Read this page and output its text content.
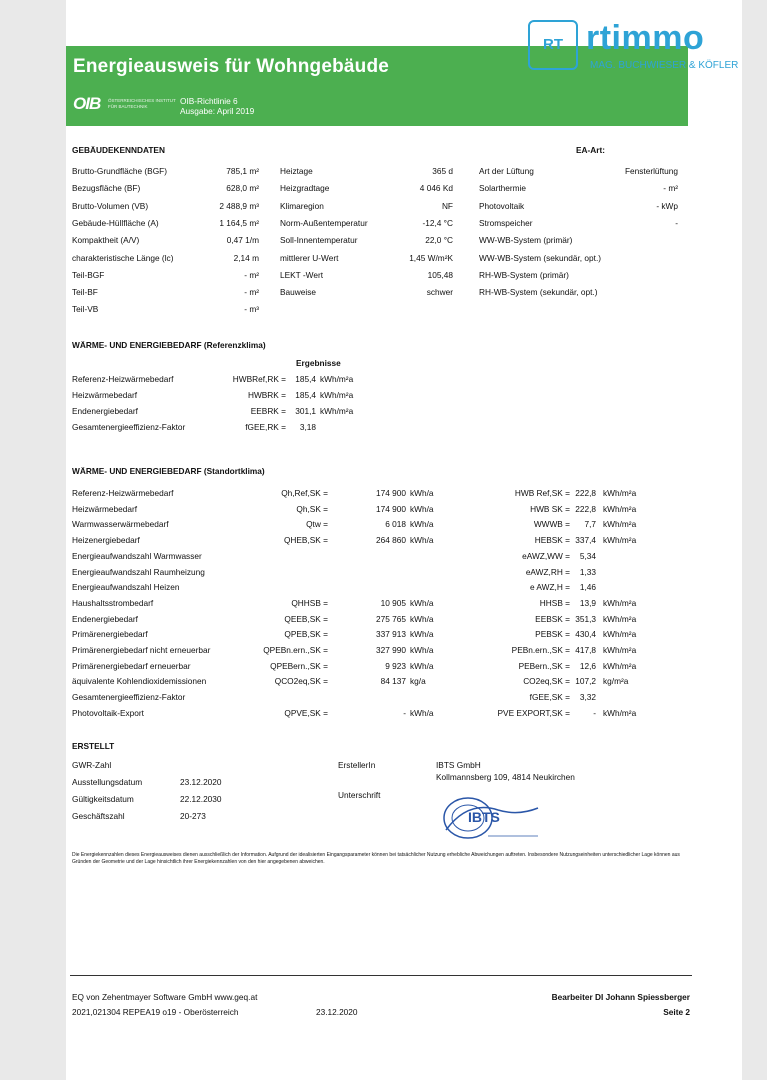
Energieausweis für Wohngebäude
OIB ÖSTERREICHISCHES INSTITUT FÜR BAUTECHNIK	OIB-Richtlinie 6
Ausgabe: April 2019
RT rtimmo
MAG. BUCHWIESER & KÖFLER
GEBÄUDEKENNDATEN	EA-Art:
Brutto-Grundfläche (BGF)	785,1 m²
Bezugsfläche (BF)	628,0 m²
Brutto-Volumen (VB)	2 488,9 m³
Gebäude-Hüllfläche (A)	1 164,5 m²
Kompaktheit (A/V)	0,47 1/m
charakteristische Länge (lc)	2,14 m
Teil-BGF	- m²
Teil-BF	- m²
Teil-VB	- m³
Heiztage	365 d
Heizgradtage	4 046 Kd
Klimaregion	NF
Norm-Außentemperatur	-12,4 °C
Soll-Innentemperatur	22,0 °C
mittlerer U-Wert	1,45 W/m²K
LEKT -Wert	105,48
Bauweise	schwer
Art der Lüftung	Fensterlüftung
Solarthermie	- m²
Photovoltaik	- kWp
Stromspeicher	-
WW-WB-System (primär)
WW-WB-System (sekundär, opt.)
RH-WB-System (primär)
RH-WB-System (sekundär, opt.)
WÄRME- UND ENERGIEBEDARF (Referenzklima)
Ergebnisse
Referenz-Heizwärmebedarf	HWBRef,RK = 185,4 kWh/m²a
Heizwärmebedarf	HWBRK = 185,4 kWh/m²a
Endenergiebedarf	EEBRK = 301,1 kWh/m²a
Gesamtenergieeffizienz-Faktor	fGEE,RK = 3,18
WÄRME- UND ENERGIEBEDARF (Standortklima)
Referenz-Heizwärmebedarf	Qh,Ref,SK =	174 900 kWh/a	HWB Ref,SK = 222,8 kWh/m²a
Heizwärmebedarf	Qh,SK =	174 900 kWh/a	HWB SK = 222,8 kWh/m²a
Warmwasserwärmebedarf	Qtw =	6 018 kWh/a	WWWB = 7,7 kWh/m²a
Heizenergiebedarf	QHEB,SK =	264 860 kWh/a	HEBSK = 337,4 kWh/m²a
Energieaufwandszahl Warmwasser	eAWZ,WW = 5,34
Energieaufwandszahl Raumheizung	eAWZ,RH = 1,33
Energieaufwandszahl Heizen	e AWZ,H = 1,46
Haushaltsstrombedarf	QHHSB =	10 905 kWh/a	HHSB = 13,9 kWh/m²a
Endenergiebedarf	QEEB,SK =	275 765 kWh/a	EEBSK = 351,3 kWh/m²a
Primärenergiebedarf	QPEB,SK =	337 913 kWh/a	PEBSK = 430,4 kWh/m²a
Primärenergiebedarf nicht erneuerbar	QPEBn.ern.,SK =	327 990 kWh/a	PEBn.ern.,SK = 417,8 kWh/m²a
Primärenergiebedarf erneuerbar	QPEBern.,SK =	9 923 kWh/a	PEBern.,SK = 12,6 kWh/m²a
äquivalente Kohlendioxidemissionen	QCO2eq,SK =	84 137 kg/a	CO2eq,SK = 107,2 kg/m²a
Gesamtenergieeffizienz-Faktor	fGEE,SK = 3,32
Photovoltaik-Export	QPVE,SK =	- kWh/a	PVE EXPORT,SK =	- kWh/m²a
ERSTELLT
GWR-Zahl
Ausstellungsdatum	23.12.2020
Gültigkeitsdatum	22.12.2030
Geschäftszahl	20-273
ErstellerIn	IBTS GmbH
Kollmannsberg 109, 4814 Neukirchen
Unterschrift
IBTS
Die Energiekennzahlen dieses Energieausweises dienen ausschließlich der Information. Aufgrund der idealisierten Eingangsparameter können bei tatsächlicher Nutzung erhebliche Abweichungen auftreten. Insbesondere Nutzungseinheiten unterschiedlicher Lage können aus Gründen der Geometrie und der Lage hinsichtlich ihrer Energiekennzahlen von den hier angegebenen abweichen.
EQ von Zehentmayer Software GmbH www.geq.at
2021,021304 REPEA19 o19 - Oberösterreich	23.12.2020
Bearbeiter DI Johann Spiessberger
Seite 2
